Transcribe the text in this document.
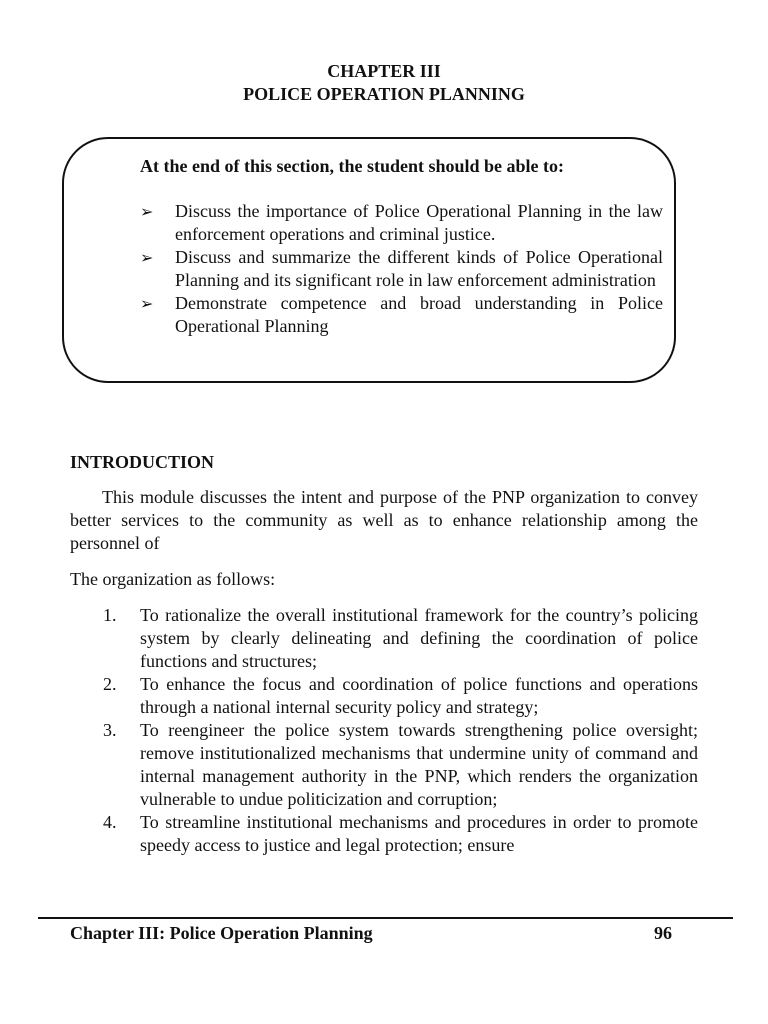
CHAPTER III
POLICE OPERATION PLANNING
At the end of this section, the student should be able to:
➢ Discuss the importance of Police Operational Planning in the law enforcement operations and criminal justice.
➢ Discuss and summarize the different kinds of Police Operational Planning and its significant role in law enforcement administration
➢ Demonstrate competence and broad understanding in Police Operational Planning
INTRODUCTION

This module discusses the intent and purpose of the PNP organization to convey better services to the community as well as to enhance relationship among the personnel of

The organization as follows:
1. To rationalize the overall institutional framework for the country’s policing system by clearly delineating and defining the coordination of police functions and structures;
2. To enhance the focus and coordination of police functions and operations through a national internal security policy and strategy;
3. To reengineer the police system towards strengthening police oversight; remove institutionalized mechanisms that undermine unity of command and internal management authority in the PNP, which renders the organization vulnerable to undue politicization and corruption;
4. To streamline institutional mechanisms and procedures in order to promote speedy access to justice and legal protection; ensure
Chapter III: Police Operation Planning	96
